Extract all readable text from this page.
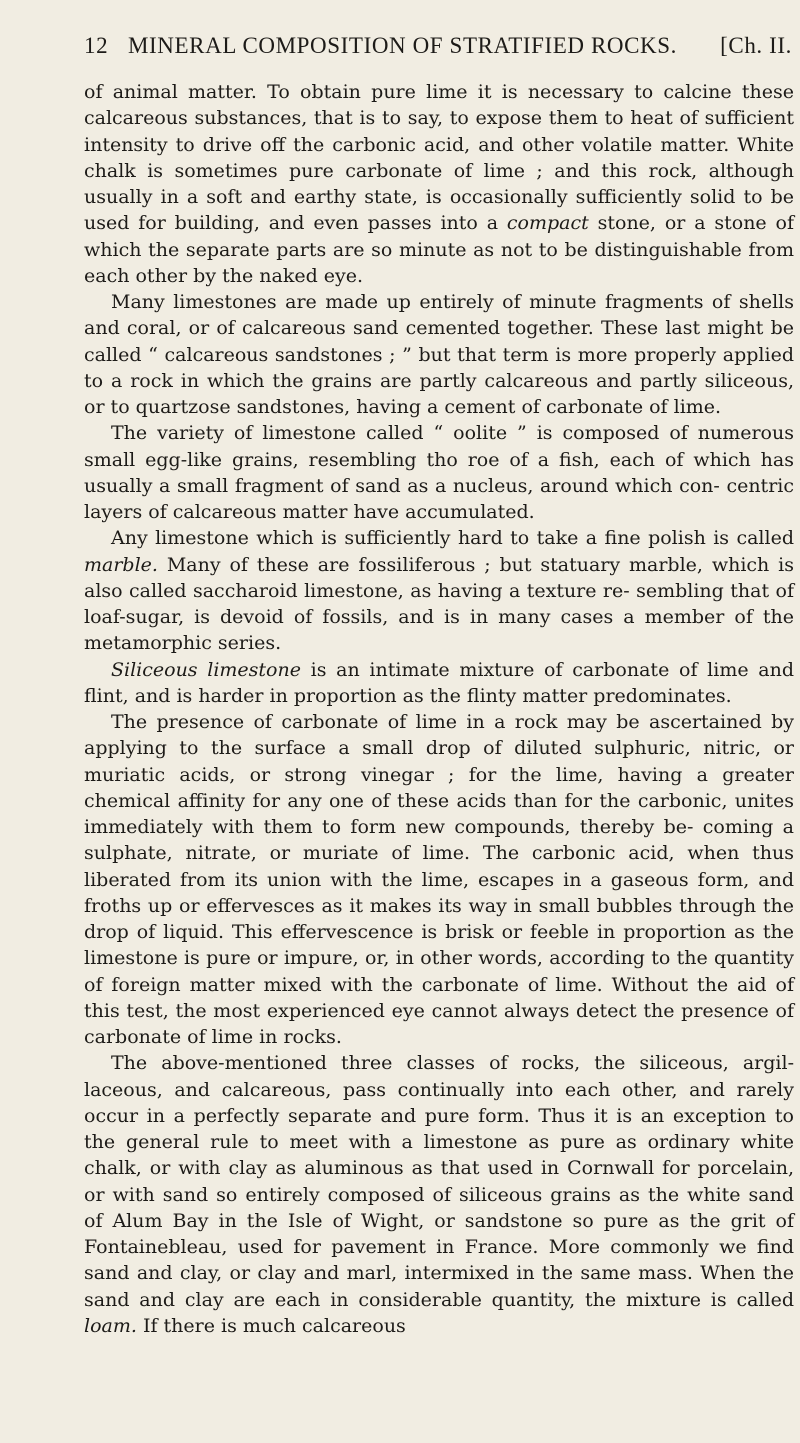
12 MINERAL COMPOSITION OF STRATIFIED ROCKS. [Ch. II.

of animal matter. To obtain pure lime it is necessary to calcine these calcareous substances, that is to say, to expose them to heat of sufficient intensity to drive off the carbonic acid, and other volatile matter. White chalk is sometimes pure carbonate of lime ; and this rock, although usually in a soft and earthy state, is occasionally sufficiently solid to be used for building, and even passes into a compact stone, or a stone of which the separate parts are so minute as not to be distinguishable from each other by the naked eye.

Many limestones are made up entirely of minute fragments of shells and coral, or of calcareous sand cemented together. These last might be called “ calcareous sandstones ; ” but that term is more properly applied to a rock in which the grains are partly calcareous and partly siliceous, or to quartzose sandstones, having a cement of carbonate of lime.

The variety of limestone called “ oolite ” is composed of numerous small egg-like grains, resembling tho roe of a fish, each of which has usually a small fragment of sand as a nucleus, around which con- centric layers of calcareous matter have accumulated.

Any limestone which is sufficiently hard to take a fine polish is called marble. Many of these are fossiliferous ; but statuary marble, which is also called saccharoid limestone, as having a texture re- sembling that of loaf-sugar, is devoid of fossils, and is in many cases a member of the metamorphic series.

Siliceous limestone is an intimate mixture of carbonate of lime and flint, and is harder in proportion as the flinty matter predominates.

The presence of carbonate of lime in a rock may be ascertained by applying to the surface a small drop of diluted sulphuric, nitric, or muriatic acids, or strong vinegar ; for the lime, having a greater chemical affinity for any one of these acids than for the carbonic, unites immediately with them to form new compounds, thereby be- coming a sulphate, nitrate, or muriate of lime. The carbonic acid, when thus liberated from its union with the lime, escapes in a gaseous form, and froths up or effervesces as it makes its way in small bubbles through the drop of liquid. This effervescence is brisk or feeble in proportion as the limestone is pure or impure, or, in other words, according to the quantity of foreign matter mixed with the carbonate of lime. Without the aid of this test, the most experienced eye cannot always detect the presence of carbonate of lime in rocks.

The above-mentioned three classes of rocks, the siliceous, argil- laceous, and calcareous, pass continually into each other, and rarely occur in a perfectly separate and pure form. Thus it is an exception to the general rule to meet with a limestone as pure as ordinary white chalk, or with clay as aluminous as that used in Cornwall for porcelain, or with sand so entirely composed of siliceous grains as the white sand of Alum Bay in the Isle of Wight, or sandstone so pure as the grit of Fontainebleau, used for pavement in France. More commonly we find sand and clay, or clay and marl, intermixed in the same mass. When the sand and clay are each in considerable quantity, the mixture is called loam. If there is much calcareous
